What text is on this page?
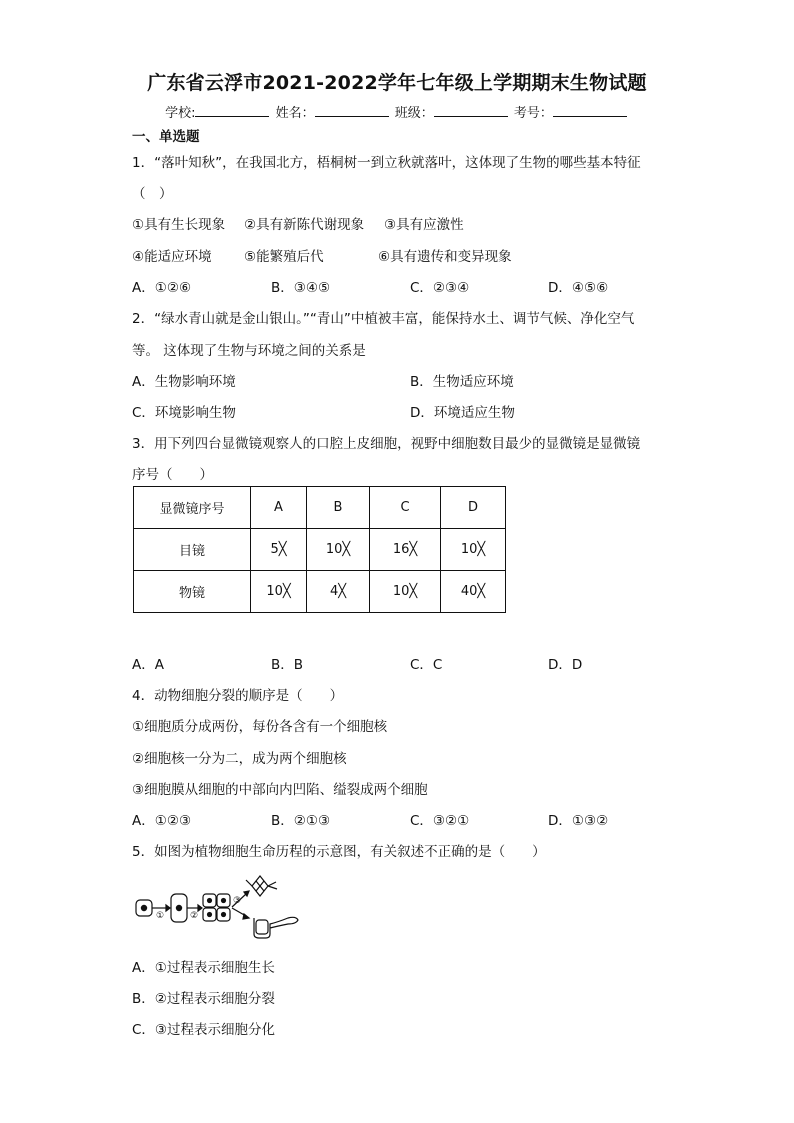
广东省云浮市2021-2022学年七年级上学期期末生物试题
学校:	姓名：	班级：	考号：
一、单选题
1．“落叶知秋”，在我国北方，梧桐树一到立秋就落叶，这体现了生物的哪些基本特征
（　）
①具有生长现象 ②具有新陈代谢现象 ③具有应激性
④能适应环境 ⑤能繁殖后代	⑥具有遗传和变异现象
A．①②⑥	B．③④⑤	C．②③④	D．④⑤⑥
2．“绿水青山就是金山银山。”“青山”中植被丰富，能保持水土、调节气候、净化空气
等。 这体现了生物与环境之间的关系是
A．生物影响环境	B．生物适应环境
C．环境影响生物	D．环境适应生物
3．用下列四台显微镜观察人的口腔上皮细胞，视野中细胞数目最少的显微镜是显微镜
序号（　　）
显微镜序号	A	B	C	D
目镜	5╳	10╳	16╳	10╳
物镜	10╳	4╳	10╳	40╳
A．A	B．B	C．C	D．D
4．动物细胞分裂的顺序是（　　）
①细胞质分成两份，每份各含有一个细胞核
②细胞核一分为二，成为两个细胞核
③细胞膜从细胞的中部向内凹陷、缢裂成两个细胞
A．①②③	B．②①③	C．③②①	D．①③②
5．如图为植物细胞生命历程的示意图，有关叙述不正确的是（　　）
①	②
③
A．①过程表示细胞生长
B．②过程表示细胞分裂
C．③过程表示细胞分化
